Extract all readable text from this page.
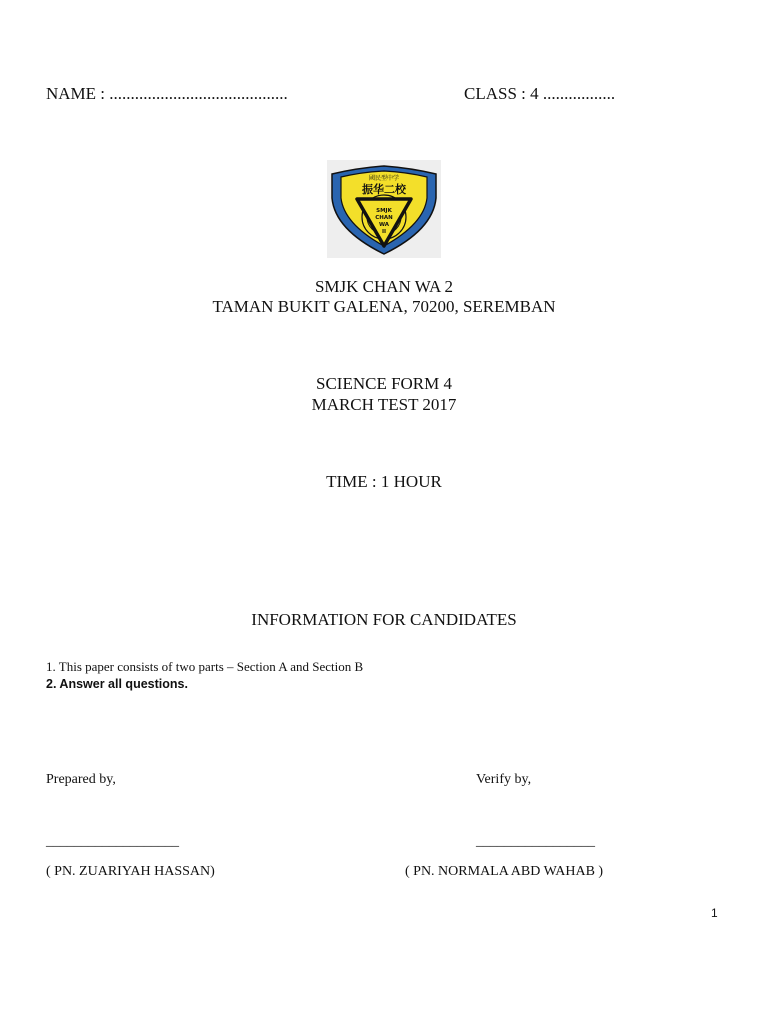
NAME : ..........................................	CLASS : 4 .................
國民型中学
振华二校
SMJK
CHAN
WA
II
SMJK CHAN WA 2
TAMAN BUKIT GALENA, 70200, SEREMBAN
SCIENCE FORM 4
MARCH TEST 2017
TIME : 1 HOUR
INFORMATION FOR CANDIDATES
1. This paper consists of two parts – Section A and Section B
2. Answer all questions.
Prepared by,	Verify by,
___________________	_________________
( PN. ZUARIYAH HASSAN)	( PN. NORMALA ABD WAHAB )
1
